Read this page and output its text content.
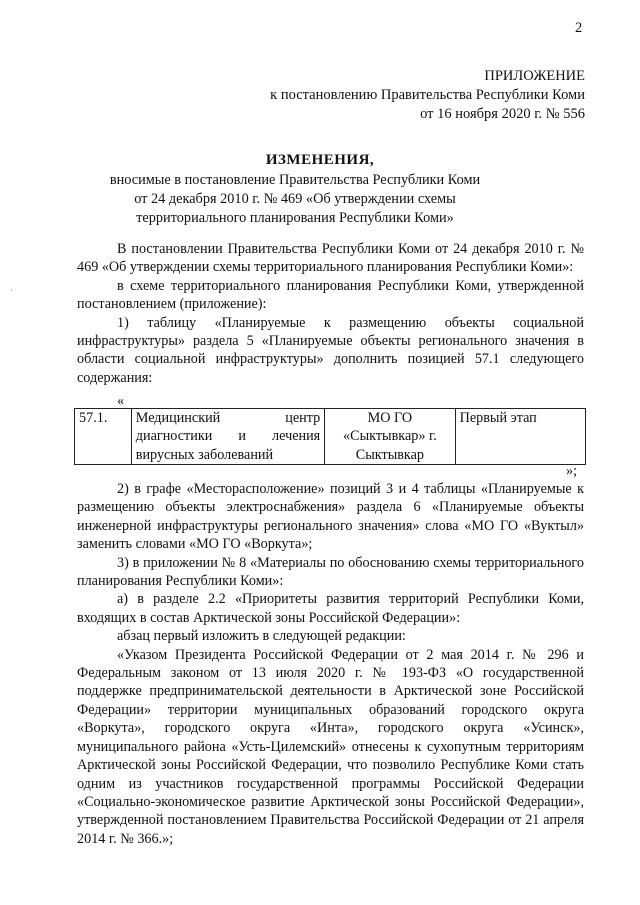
2
ПРИЛОЖЕНИЕ
к постановлению Правительства Республики Коми
от 16 ноября 2020 г. № 556
ИЗМЕНЕНИЯ,
вносимые в постановление Правительства Республики Коми от 24 декабря 2010 г. № 469 «Об утверждении схемы территориального планирования Республики Коми»

В постановлении Правительства Республики Коми от 24 декабря 2010 г. № 469 «Об утверждении схемы территориального планирования Республики Коми»:

в схеме территориального планирования Республики Коми, утвержденной постановлением (приложение):

1) таблицу «Планируемые к размещению объекты социальной инфраструктуры» раздела 5 «Планируемые объекты регионального значения в области социальной инфраструктуры» дополнить позицией 57.1 следующего содержания:

«
57.1.	Медицинский центр диагностики и лечения вирусных заболеваний	МО ГО «Сыктывкар» г. Сыктывкар	Первый этап
»;

2) в графе «Месторасположение» позиций 3 и 4 таблицы «Планируемые к размещению объекты электроснабжения» раздела 6 «Планируемые объекты инженерной инфраструктуры регионального значения» слова «МО ГО «Вуктыл» заменить словами «МО ГО «Воркута»;

3) в приложении № 8 «Материалы по обоснованию схемы территориального планирования Республики Коми»:

а) в разделе 2.2 «Приоритеты развития территорий Республики Коми, входящих в состав Арктической зоны Российской Федерации»:

абзац первый изложить в следующей редакции:

«Указом Президента Российской Федерации от 2 мая 2014 г. № 296 и Федеральным законом от 13 июля 2020 г. № 193-ФЗ «О государственной поддержке предпринимательской деятельности в Арктической зоне Российской Федерации» территории муниципальных образований городского округа «Воркута», городского округа «Инта», городского округа «Усинск», муниципального района «Усть-Цилемский» отнесены к сухопутным территориям Арктической зоны Российской Федерации, что позволило Республике Коми стать одним из участников государственной программы Российской Федерации «Социально-экономическое развитие Арктической зоны Российской Федерации», утвержденной постановлением Правительства Российской Федерации от 21 апреля 2014 г. № 366.»;

·
